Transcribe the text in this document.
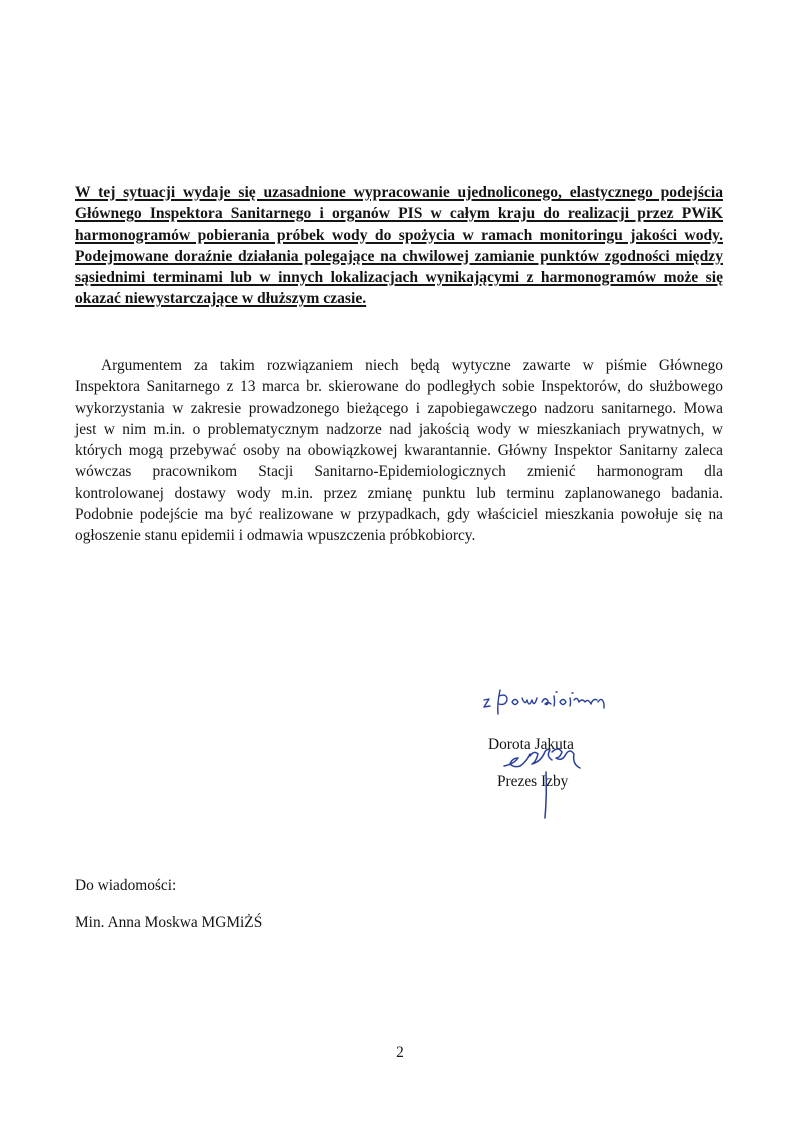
W tej sytuacji wydaje się uzasadnione wypracowanie ujednoliconego, elastycznego podejścia
Głównego Inspektora Sanitarnego i organów PIS w całym kraju do realizacji przez PWiK
harmonogramów pobierania próbek wody do spożycia w ramach monitoringu jakości wody.
Podejmowane doraźnie działania polegające na chwilowej zamianie punktów zgodności między
sąsiednimi terminami lub w innych lokalizacjach wynikającymi z harmonogramów może się
okazać niewystarczające w dłuższym czasie.
Argumentem za takim rozwiązaniem niech będą wytyczne zawarte w piśmie Głównego
Inspektora Sanitarnego z 13 marca br. skierowane do podległych sobie Inspektorów, do służbowego
wykorzystania w zakresie prowadzonego bieżącego i zapobiegawczego nadzoru sanitarnego. Mowa
jest w nim m.in. o problematycznym nadzorze nad jakością wody w mieszkaniach prywatnych, w
których mogą przebywać osoby na obowiązkowej kwarantannie. Główny Inspektor Sanitarny zaleca
wówczas pracownikom Stacji Sanitarno-Epidemiologicznych zmienić harmonogram dla
kontrolowanej dostawy wody m.in. przez zmianę punktu lub terminu zaplanowanego badania.
Podobnie podejście ma być realizowane w przypadkach, gdy właściciel mieszkania powołuje się na
ogłoszenie stanu epidemii i odmawia wpuszczenia próbkobiorcy.
Dorota Jakuta
Prezes Izby
Do wiadomości:
Min. Anna Moskwa MGMiŻŚ
2
